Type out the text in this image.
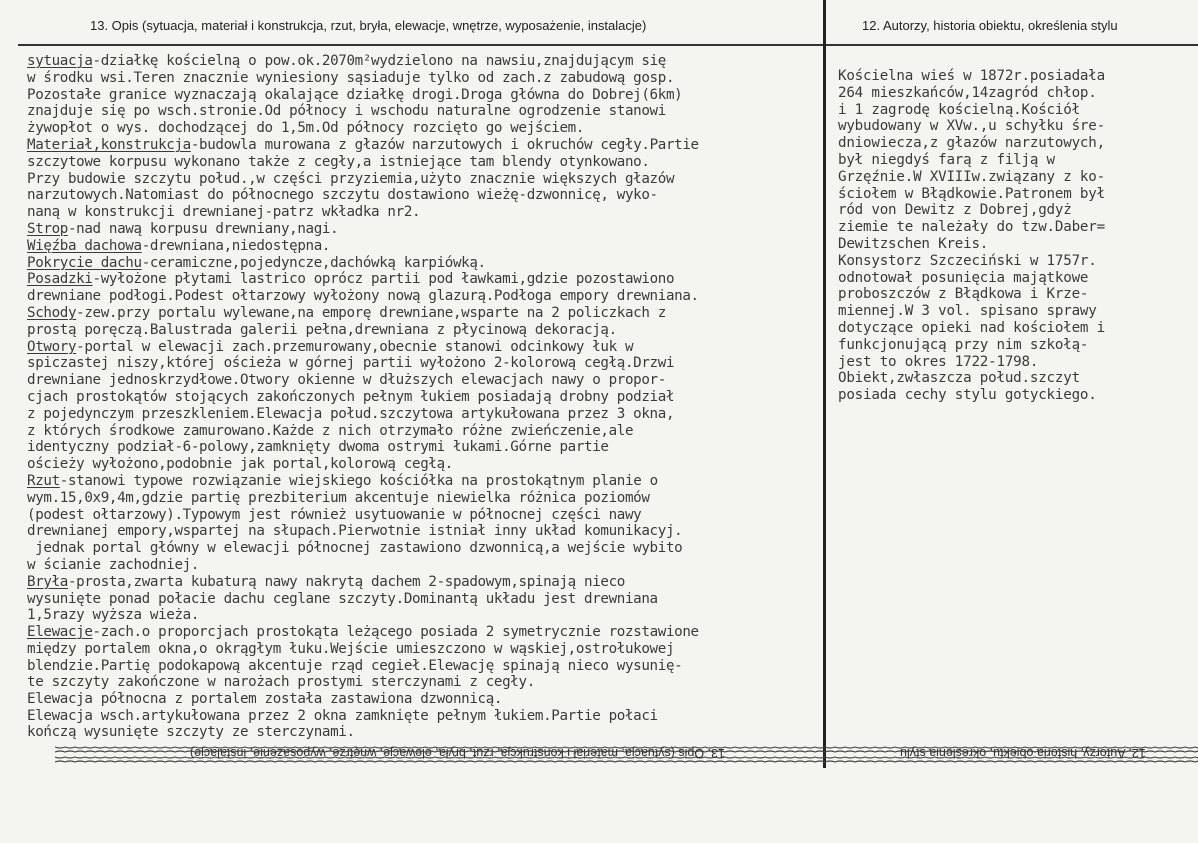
13. Opis (sytuacja, materiał i konstrukcja, rzut, bryła, elewacje, wnętrze, wyposażenie, instalacje)	12. Autorzy, historia obiektu, określenia stylu
sytuacja-działkę kościelną o pow.ok.2070m²wydzielono na nawsiu,znajdującym się
w środku wsi.Teren znacznie wyniesiony sąsiaduje tylko od zach.z zabudową gosp.
Pozostałe granice wyznaczają okalające działkę drogi.Droga główna do Dobrej(6km)
znajduje się po wsch.stronie.Od północy i wschodu naturalne ogrodzenie stanowi
żywopłot o wys. dochodzącej do 1,5m.Od północy rozcięto go wejściem.
Materiał,konstrukcja-budowla murowana z głazów narzutowych i okruchów cegły.Partie
szczytowe korpusu wykonano także z cegły,a istniejące tam blendy otynkowano.
Przy budowie szczytu połud.,w części przyziemia,użyto znacznie większych głazów
narzutowych.Natomiast do północnego szczytu dostawiono wieżę-dzwonnicę, wyko-
naną w konstrukcji drewnianej-patrz wkładka nr2.
Strop-nad nawą korpusu drewniany,nagi.
Więźba dachowa-drewniana,niedostępna.
Pokrycie dachu-ceramiczne,pojedyncze,dachówką karpiówką.
Posadzki-wyłożone płytami lastrico oprócz partii pod ławkami,gdzie pozostawiono
drewniane podłogi.Podest ołtarzowy wyłożony nową glazurą.Podłoga empory drewniana.
Schody-zew.przy portalu wylewane,na emporę drewniane,wsparte na 2 policzkach z
prostą poręczą.Balustrada galerii pełna,drewniana z płycinową dekoracją.
Otwory-portal w elewacji zach.przemurowany,obecnie stanowi odcinkowy łuk w
spiczastej niszy,której ościeża w górnej partii wyłożono 2-kolorową cegłą.Drzwi
drewniane jednoskrzydłowe.Otwory okienne w dłuższych elewacjach nawy o propor-
cjach prostokątów stojących zakończonych pełnym łukiem posiadają drobny podział
z pojedynczym przeszkleniem.Elewacja połud.szczytowa artykułowana przez 3 okna,
z których środkowe zamurowano.Każde z nich otrzymało różne zwieńczenie,ale
identyczny podział-6-polowy,zamknięty dwoma ostrymi łukami.Górne partie
ościeży wyłożono,podobnie jak portal,kolorową cegłą.
Rzut-stanowi typowe rozwiązanie wiejskiego kościółka na prostokątnym planie o
wym.15,0x9,4m,gdzie partię prezbiterium akcentuje niewielka różnica poziomów
(podest ołtarzowy).Typowym jest również usytuowanie w północnej części nawy
drewnianej empory,wspartej na słupach.Pierwotnie istniał inny układ komunikacyj.
jednak portal główny w elewacji północnej zastawiono dzwonnicą,a wejście wybito
w ścianie zachodniej.
Bryła-prosta,zwarta kubaturą nawy nakrytą dachem 2-spadowym,spinają nieco
wysunięte ponad połacie dachu ceglane szczyty.Dominantą układu jest drewniana
1,5razy wyższa wieża.
Elewacje-zach.o proporcjach prostokąta leżącego posiada 2 symetrycznie rozstawione
między portalem okna,o okrągłym łuku.Wejście umieszczono w wąskiej,ostrołukowej
blendzie.Partię podokapową akcentuje rząd cegieł.Elewację spinają nieco wysunię-
te szczyty zakończone w narożach prostymi sterczynami z cegły.
Elewacja północna z portalem została zastawiona dzwonnicą.
Elewacja wsch.artykułowana przez 2 okna zamknięte pełnym łukiem.Partie połaci
kończą wysunięte szczyty ze sterczynami.
Kościelna wieś w 1872r.posiadała
264 mieszkańców,14zagród chłop.
i 1 zagrodę kościelną.Kościół
wybudowany w XVw.,u schyłku śre-
dniowiecza,z głazów narzutowych,
był niegdyś farą z filją w
Grzęźnie.W XVIIIw.związany z ko-
ściołem w Błądkowie.Patronem był
ród von Dewitz z Dobrej,gdyż
ziemie te należały do tzw.Daber=
Dewitzschen Kreis.
Konsystorz Szczeciński w 1757r.
odnotował posunięcia majątkowe
proboszczów z Błądkowa i Krze-
miennej.W 3 vol. spisano sprawy
dotyczące opieki nad kościołem i
funkcjonującą przy nim szkołą-
jest to okres 1722-1798.
Obiekt,zwłaszcza połud.szczyt
posiada cechy stylu gotyckiego.
13. Opis (sytuacja, materiał i konstrukcja, rzut, bryła, elewacje, wnętrze, wyposażenie, instalacje)	12. Autorzy, historia obiektu, określenia stylu
